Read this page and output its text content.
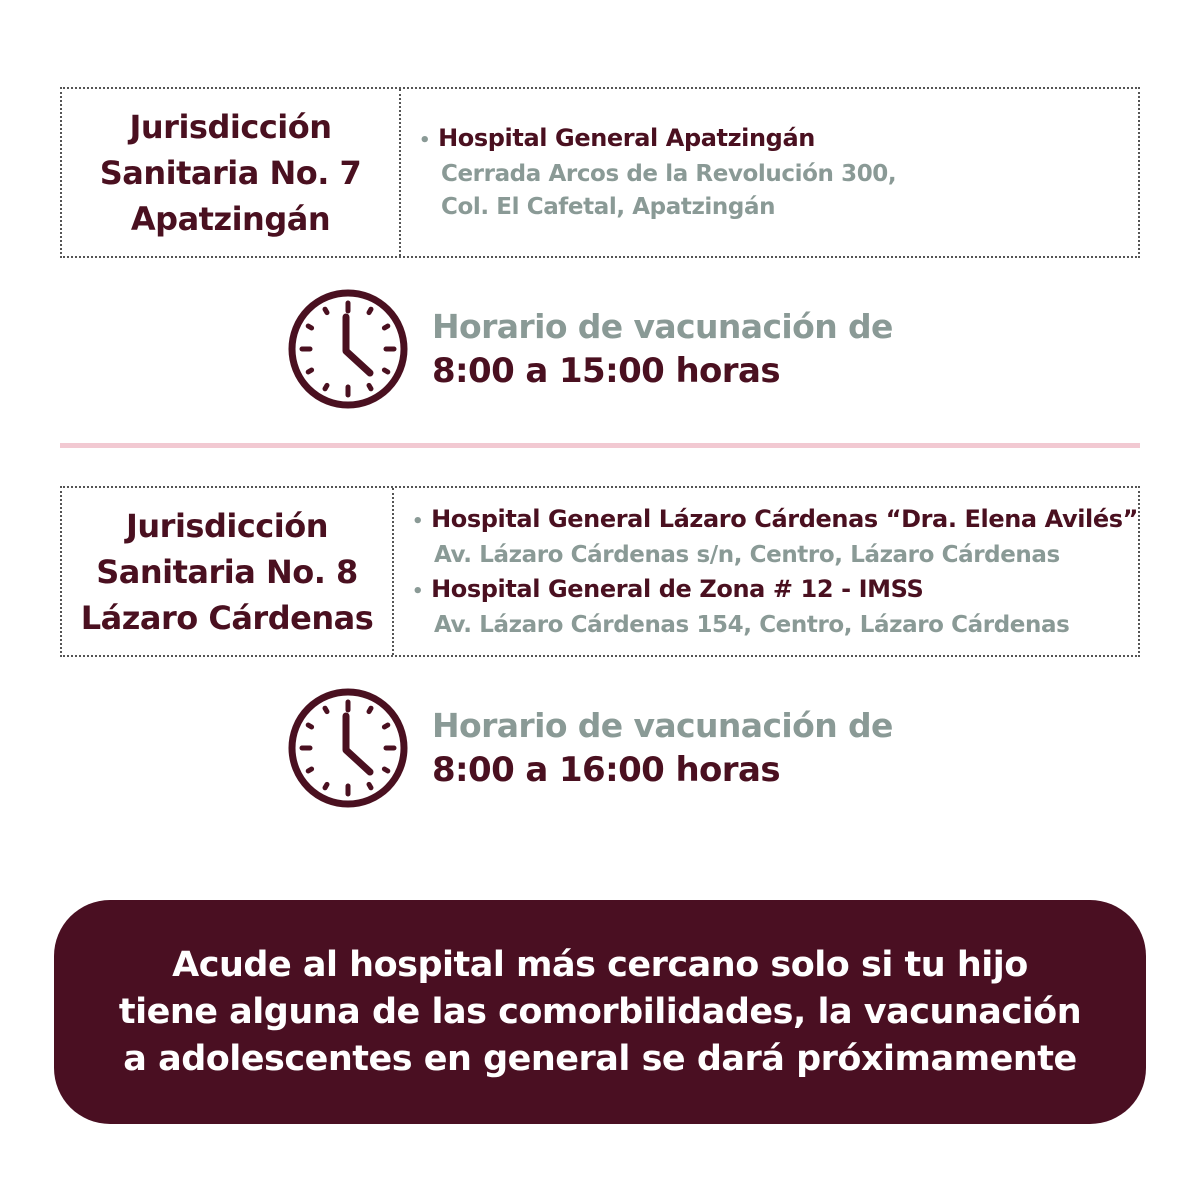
Jurisdicción
Sanitaria No. 7
Apatzingán
• Hospital General Apatzingán
Cerrada Arcos de la Revolución 300,
Col. El Cafetal, Apatzingán
Horario de vacunación de
8:00 a 15:00 horas
Jurisdicción
Sanitaria No. 8
Lázaro Cárdenas
• Hospital General Lázaro Cárdenas “Dra. Elena Avilés”
Av. Lázaro Cárdenas s/n, Centro, Lázaro Cárdenas
• Hospital General de Zona # 12 - IMSS
Av. Lázaro Cárdenas 154, Centro, Lázaro Cárdenas
Horario de vacunación de
8:00 a 16:00 horas
Acude al hospital más cercano solo si tu hijo
tiene alguna de las comorbilidades, la vacunación
a adolescentes en general se dará próximamente
